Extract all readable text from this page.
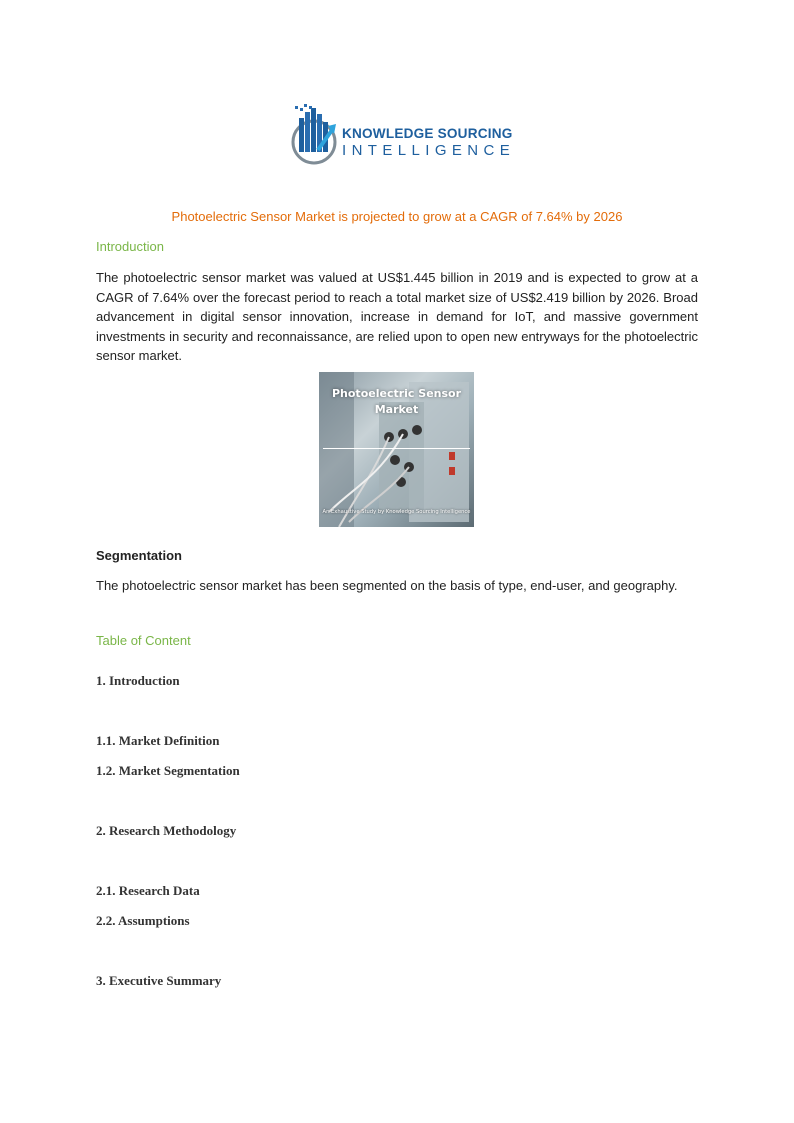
KNOWLEDGE SOURCING
INTELLIGENCE
Photoelectric Sensor Market is projected to grow at a CAGR of 7.64% by 2026
Introduction
The photoelectric sensor market was valued at US$1.445 billion in 2019 and is expected to grow at a CAGR of 7.64% over the forecast period to reach a total market size of US$2.419 billion by 2026. Broad advancement in digital sensor innovation, increase in demand for IoT, and massive government investments in security and reconnaissance, are relied upon to open new entryways for the photoelectric sensor market.
Photoelectric Sensor Market
An Exhaustive Study by Knowledge Sourcing Intelligence
Segmentation
The photoelectric sensor market has been segmented on the basis of type, end-user, and geography.
Table of Content
1. Introduction
1.1. Market Definition
1.2. Market Segmentation
2. Research Methodology
2.1. Research Data
2.2. Assumptions
3. Executive Summary
